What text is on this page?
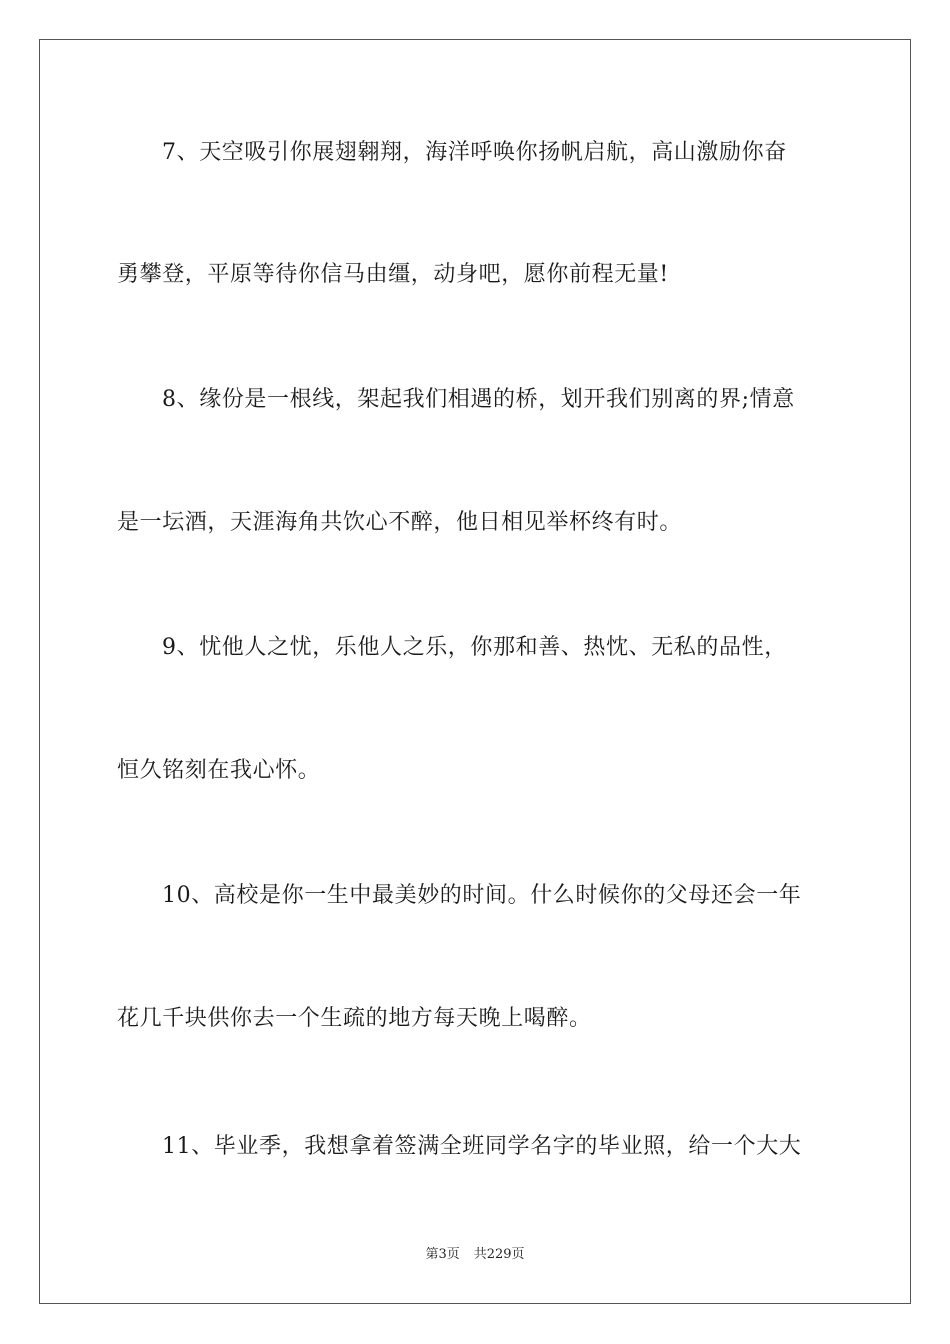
7、天空吸引你展翅翱翔，海洋呼唤你扬帆启航，高山激励你奋
勇攀登，平原等待你信马由缰，动身吧，愿你前程无量!
8、缘份是一根线，架起我们相遇的桥，划开我们别离的界;情意
是一坛酒，天涯海角共饮心不醉，他日相见举杯终有时。
9、忧他人之忧，乐他人之乐，你那和善、热忱、无私的品性，
恒久铭刻在我心怀。
10、高校是你一生中最美妙的时间。什么时候你的父母还会一年
花几千块供你去一个生疏的地方每天晚上喝醉。
11、毕业季，我想拿着签满全班同学名字的毕业照，给一个大大
第3页 共229页
